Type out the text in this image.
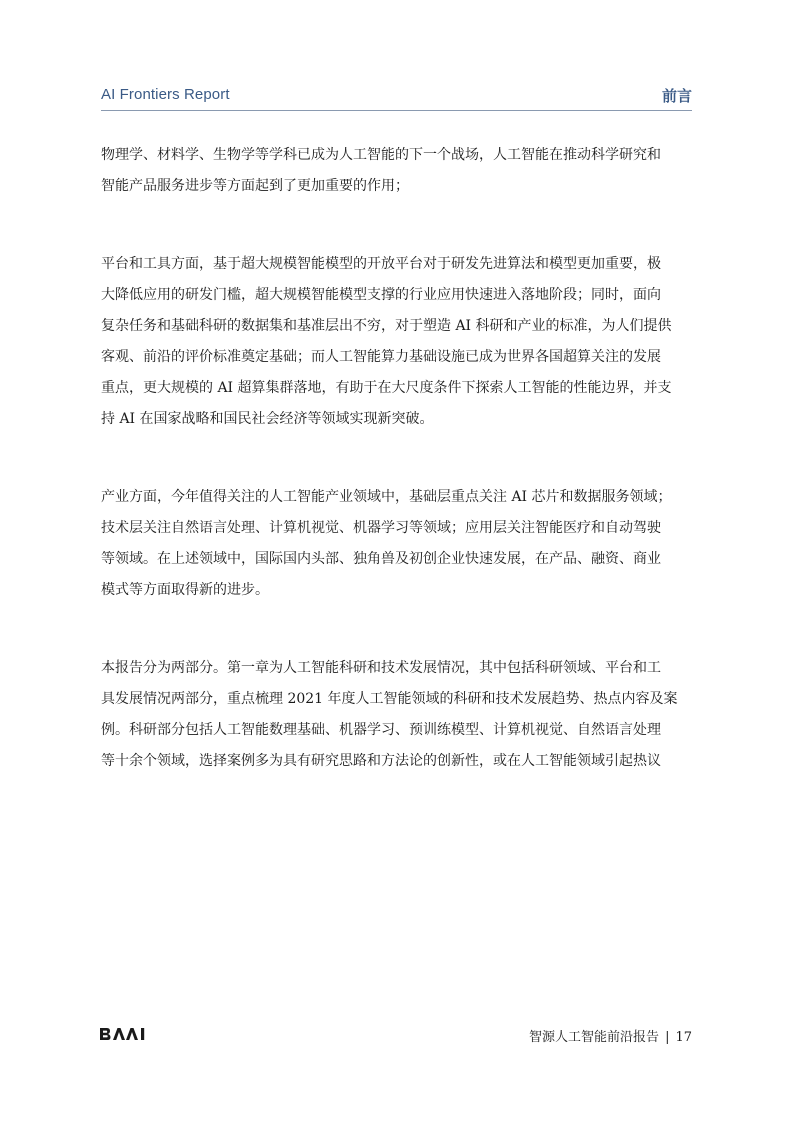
AI Frontiers Report	前言

物理学、材料学、生物学等学科已成为人工智能的下一个战场，人工智能在推动科学研究和
智能产品服务进步等方面起到了更加重要的作用；

平台和工具方面，基于超大规模智能模型的开放平台对于研发先进算法和模型更加重要，极
大降低应用的研发门槛，超大规模智能模型支撑的行业应用快速进入落地阶段；同时，面向
复杂任务和基础科研的数据集和基准层出不穷，对于塑造 AI 科研和产业的标准，为人们提供
客观、前沿的评价标准奠定基础；而人工智能算力基础设施已成为世界各国超算关注的发展
重点，更大规模的 AI 超算集群落地，有助于在大尺度条件下探索人工智能的性能边界，并支
持 AI 在国家战略和国民社会经济等领域实现新突破。

产业方面，今年值得关注的人工智能产业领域中，基础层重点关注 AI 芯片和数据服务领域；
技术层关注自然语言处理、计算机视觉、机器学习等领域；应用层关注智能医疗和自动驾驶
等领域。在上述领域中，国际国内头部、独角兽及初创企业快速发展，在产品、融资、商业
模式等方面取得新的进步。

本报告分为两部分。第一章为人工智能科研和技术发展情况，其中包括科研领域、平台和工
具发展情况两部分，重点梳理 2021 年度人工智能领域的科研和技术发展趋势、热点内容及案
例。科研部分包括人工智能数理基础、机器学习、预训练模型、计算机视觉、自然语言处理
等十余个领域，选择案例多为具有研究思路和方法论的创新性，或在人工智能领域引起热议

智源人工智能前沿报告 | 17
